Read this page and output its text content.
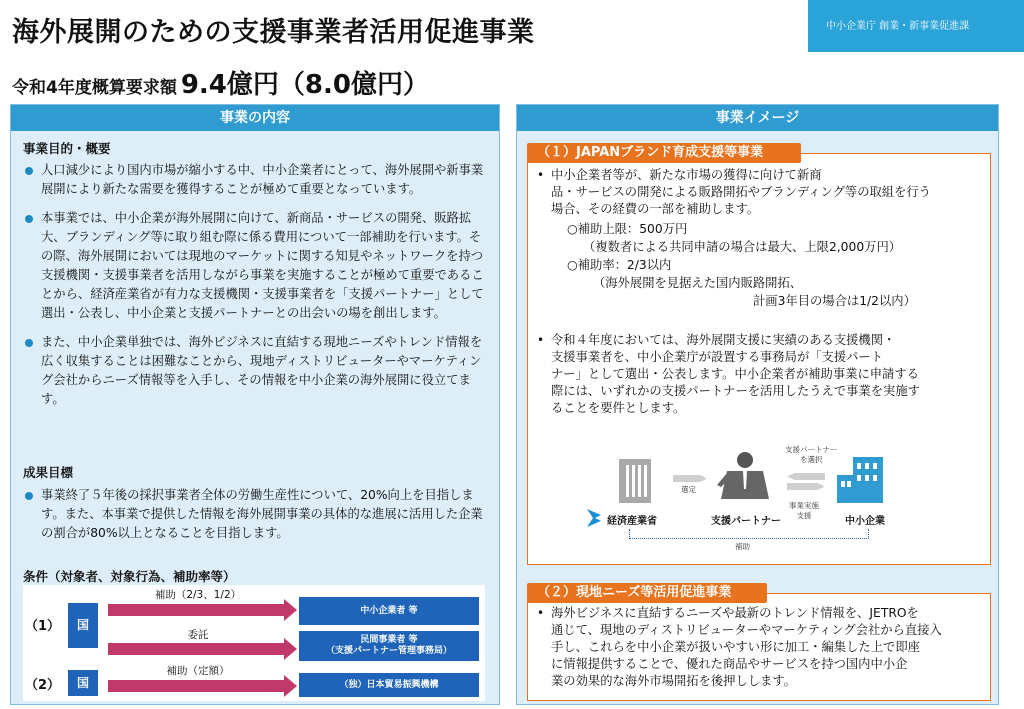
海外展開のための支援事業者活用促進事業
令和4年度概算要求額 9.4億円（8.0億円）
中小企業庁 創業・新事業促進課
事業の内容
事業目的・概要
人口減少により国内市場が縮小する中、中小企業者にとって、海外展開や新事業展開により新たな需要を獲得することが極めて重要となっています。
本事業では、中小企業が海外展開に向けて、新商品・サービスの開発、販路拡大、ブランディング等に取り組む際に係る費用について一部補助を行います。その際、海外展開においては現地のマーケットに関する知見やネットワークを持つ支援機関・支援事業者を活用しながら事業を実施することが極めて重要であることから、経済産業省が有力な支援機関・支援事業者を「支援パートナー」として選出・公表し、中小企業と支援パートナーとの出会いの場を創出します。
また、中小企業単独では、海外ビジネスに直結する現地ニーズやトレンド情報を広く収集することは困難なことから、現地ディストリビューターやマーケティング会社からニーズ情報等を入手し、その情報を中小企業の海外展開に役立てます。
成果目標
事業終了５年後の採択事業者全体の労働生産性について、20%向上を目指します。また、本事業で提供した情報を海外展開事業の具体的な進展に活用した企業の割合が80%以上となることを目指します。
条件（対象者、対象行為、補助率等）
（1）	国
（2）	国
補助（2/3、1/2）
委託
補助（定額）
中小企業者 等
民間事業者 等
（支援パートナー管理事務局）
（独）日本貿易振興機構
事業イメージ
（１）JAPANブランド育成支援等事業
• 中小企業者等が、新たな市場の獲得に向けて新商
品・サービスの開発による販路開拓やブランディング等の取組を行う
場合、その経費の一部を補助します。
○補助上限：500万円
（複数者による共同申請の場合は最大、上限2,000万円）
○補助率：2/3以内
（海外展開を見据えた国内販路開拓、
計画3年目の場合は1/2以内）
• 令和４年度においては、海外展開支援に実績のある支援機関・
支援事業者を、中小企業庁が設置する事務局が「支援パート
ナー」として選出・公表します。中小企業者が補助事業に申請する
際には、いずれかの支援パートナーを活用したうえで事業を実施す
ることを要件とします。
経済産業省
選定
支援パートナー
支援パートナー
を選択
事業実施
支援
中小企業
補助
（２）現地ニーズ等活用促進事業
• 海外ビジネスに直結するニーズや最新のトレンド情報を、JETROを
通じて、現地のディストリビューターやマーケティング会社から直接入
手し、これらを中小企業が扱いやすい形に加工・編集した上で即座
に情報提供することで、優れた商品やサービスを持つ国内中小企
業の効果的な海外市場開拓を後押しします。
